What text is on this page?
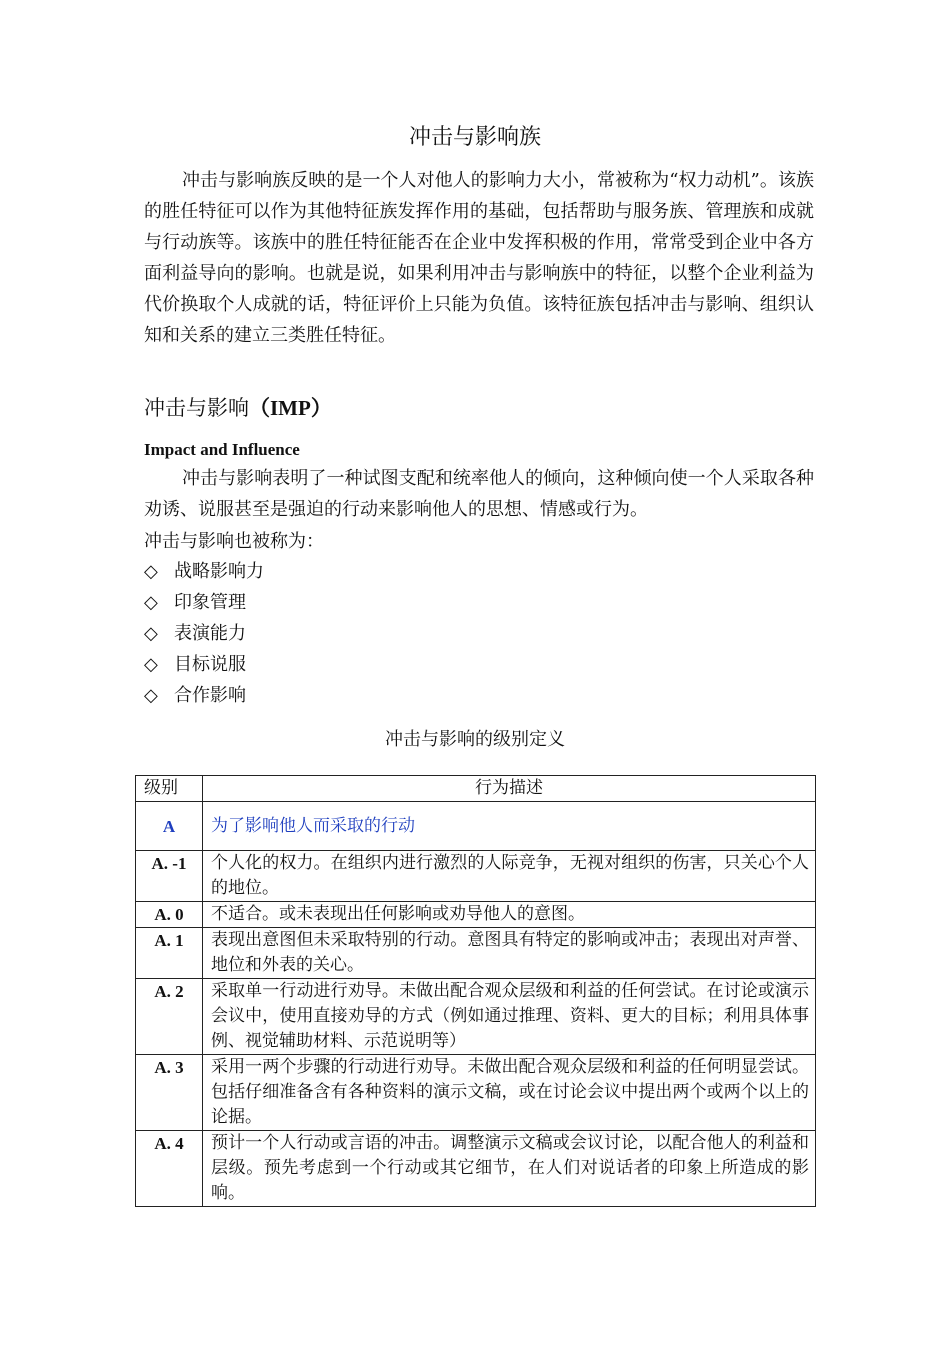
冲击与影响族

冲击与影响族反映的是一个人对他人的影响力大小，常被称为“权力动机”。该族的胜任特征可以作为其他特征族发挥作用的基础，包括帮助与服务族、管理族和成就与行动族等。该族中的胜任特征能否在企业中发挥积极的作用，常常受到企业中各方面利益导向的影响。也就是说，如果利用冲击与影响族中的特征，以整个企业利益为代价换取个人成就的话，特征评价上只能为负值。该特征族包括冲击与影响、组织认知和关系的建立三类胜任特征。

冲击与影响（IMP）
Impact and Influence

冲击与影响表明了一种试图支配和统率他人的倾向，这种倾向使一个人采取各种劝诱、说服甚至是强迫的行动来影响他人的思想、情感或行为。

冲击与影响也被称为：
◇ 战略影响力
◇ 印象管理
◇ 表演能力
◇ 目标说服
◇ 合作影响
冲击与影响的级别定义
级别	行为描述
A	为了影响他人而采取的行动
A. -1	个人化的权力。在组织内进行激烈的人际竞争，无视对组织的伤害，只关心个人的地位。
A. 0	不适合。或未表现出任何影响或劝导他人的意图。
A. 1	表现出意图但未采取特别的行动。意图具有特定的影响或冲击；表现出对声誉、地位和外表的关心。
A. 2	采取单一行动进行劝导。未做出配合观众层级和利益的任何尝试。在讨论或演示会议中，使用直接劝导的方式（例如通过推理、资料、更大的目标；利用具体事例、视觉辅助材料、示范说明等）
A. 3	采用一两个步骤的行动进行劝导。未做出配合观众层级和利益的任何明显尝试。包括仔细准备含有各种资料的演示文稿，或在讨论会议中提出两个或两个以上的论据。
A. 4	预计一个人行动或言语的冲击。调整演示文稿或会议讨论，以配合他人的利益和层级。预先考虑到一个行动或其它细节，在人们对说话者的印象上所造成的影响。
